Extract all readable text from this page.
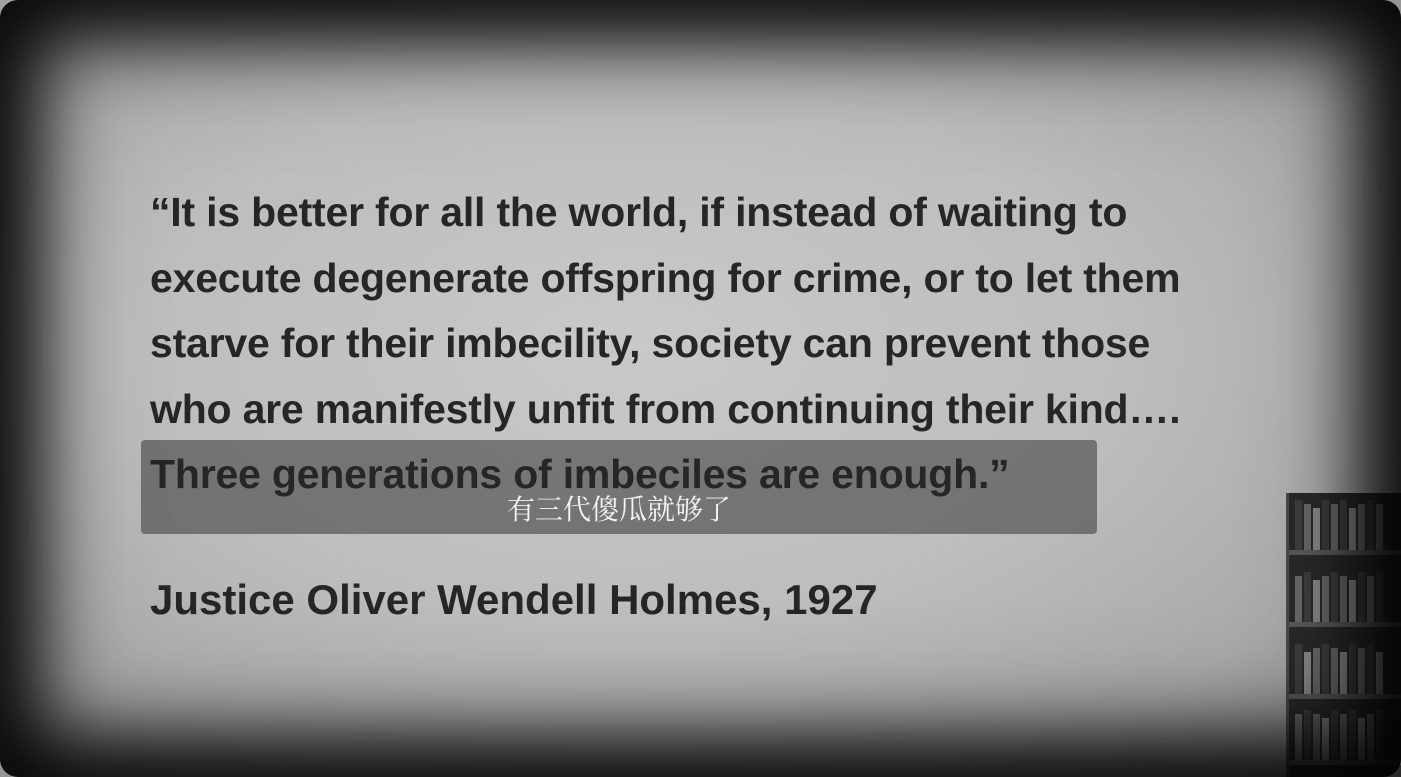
“It is better for all the world, if instead of waiting to
execute degenerate offspring for crime, or to let them
starve for their imbecility, society can prevent those
who are manifestly unfit from continuing their kind….
Three generations of imbeciles are enough.”
有三代傻瓜就够了
Justice Oliver Wendell Holmes, 1927
